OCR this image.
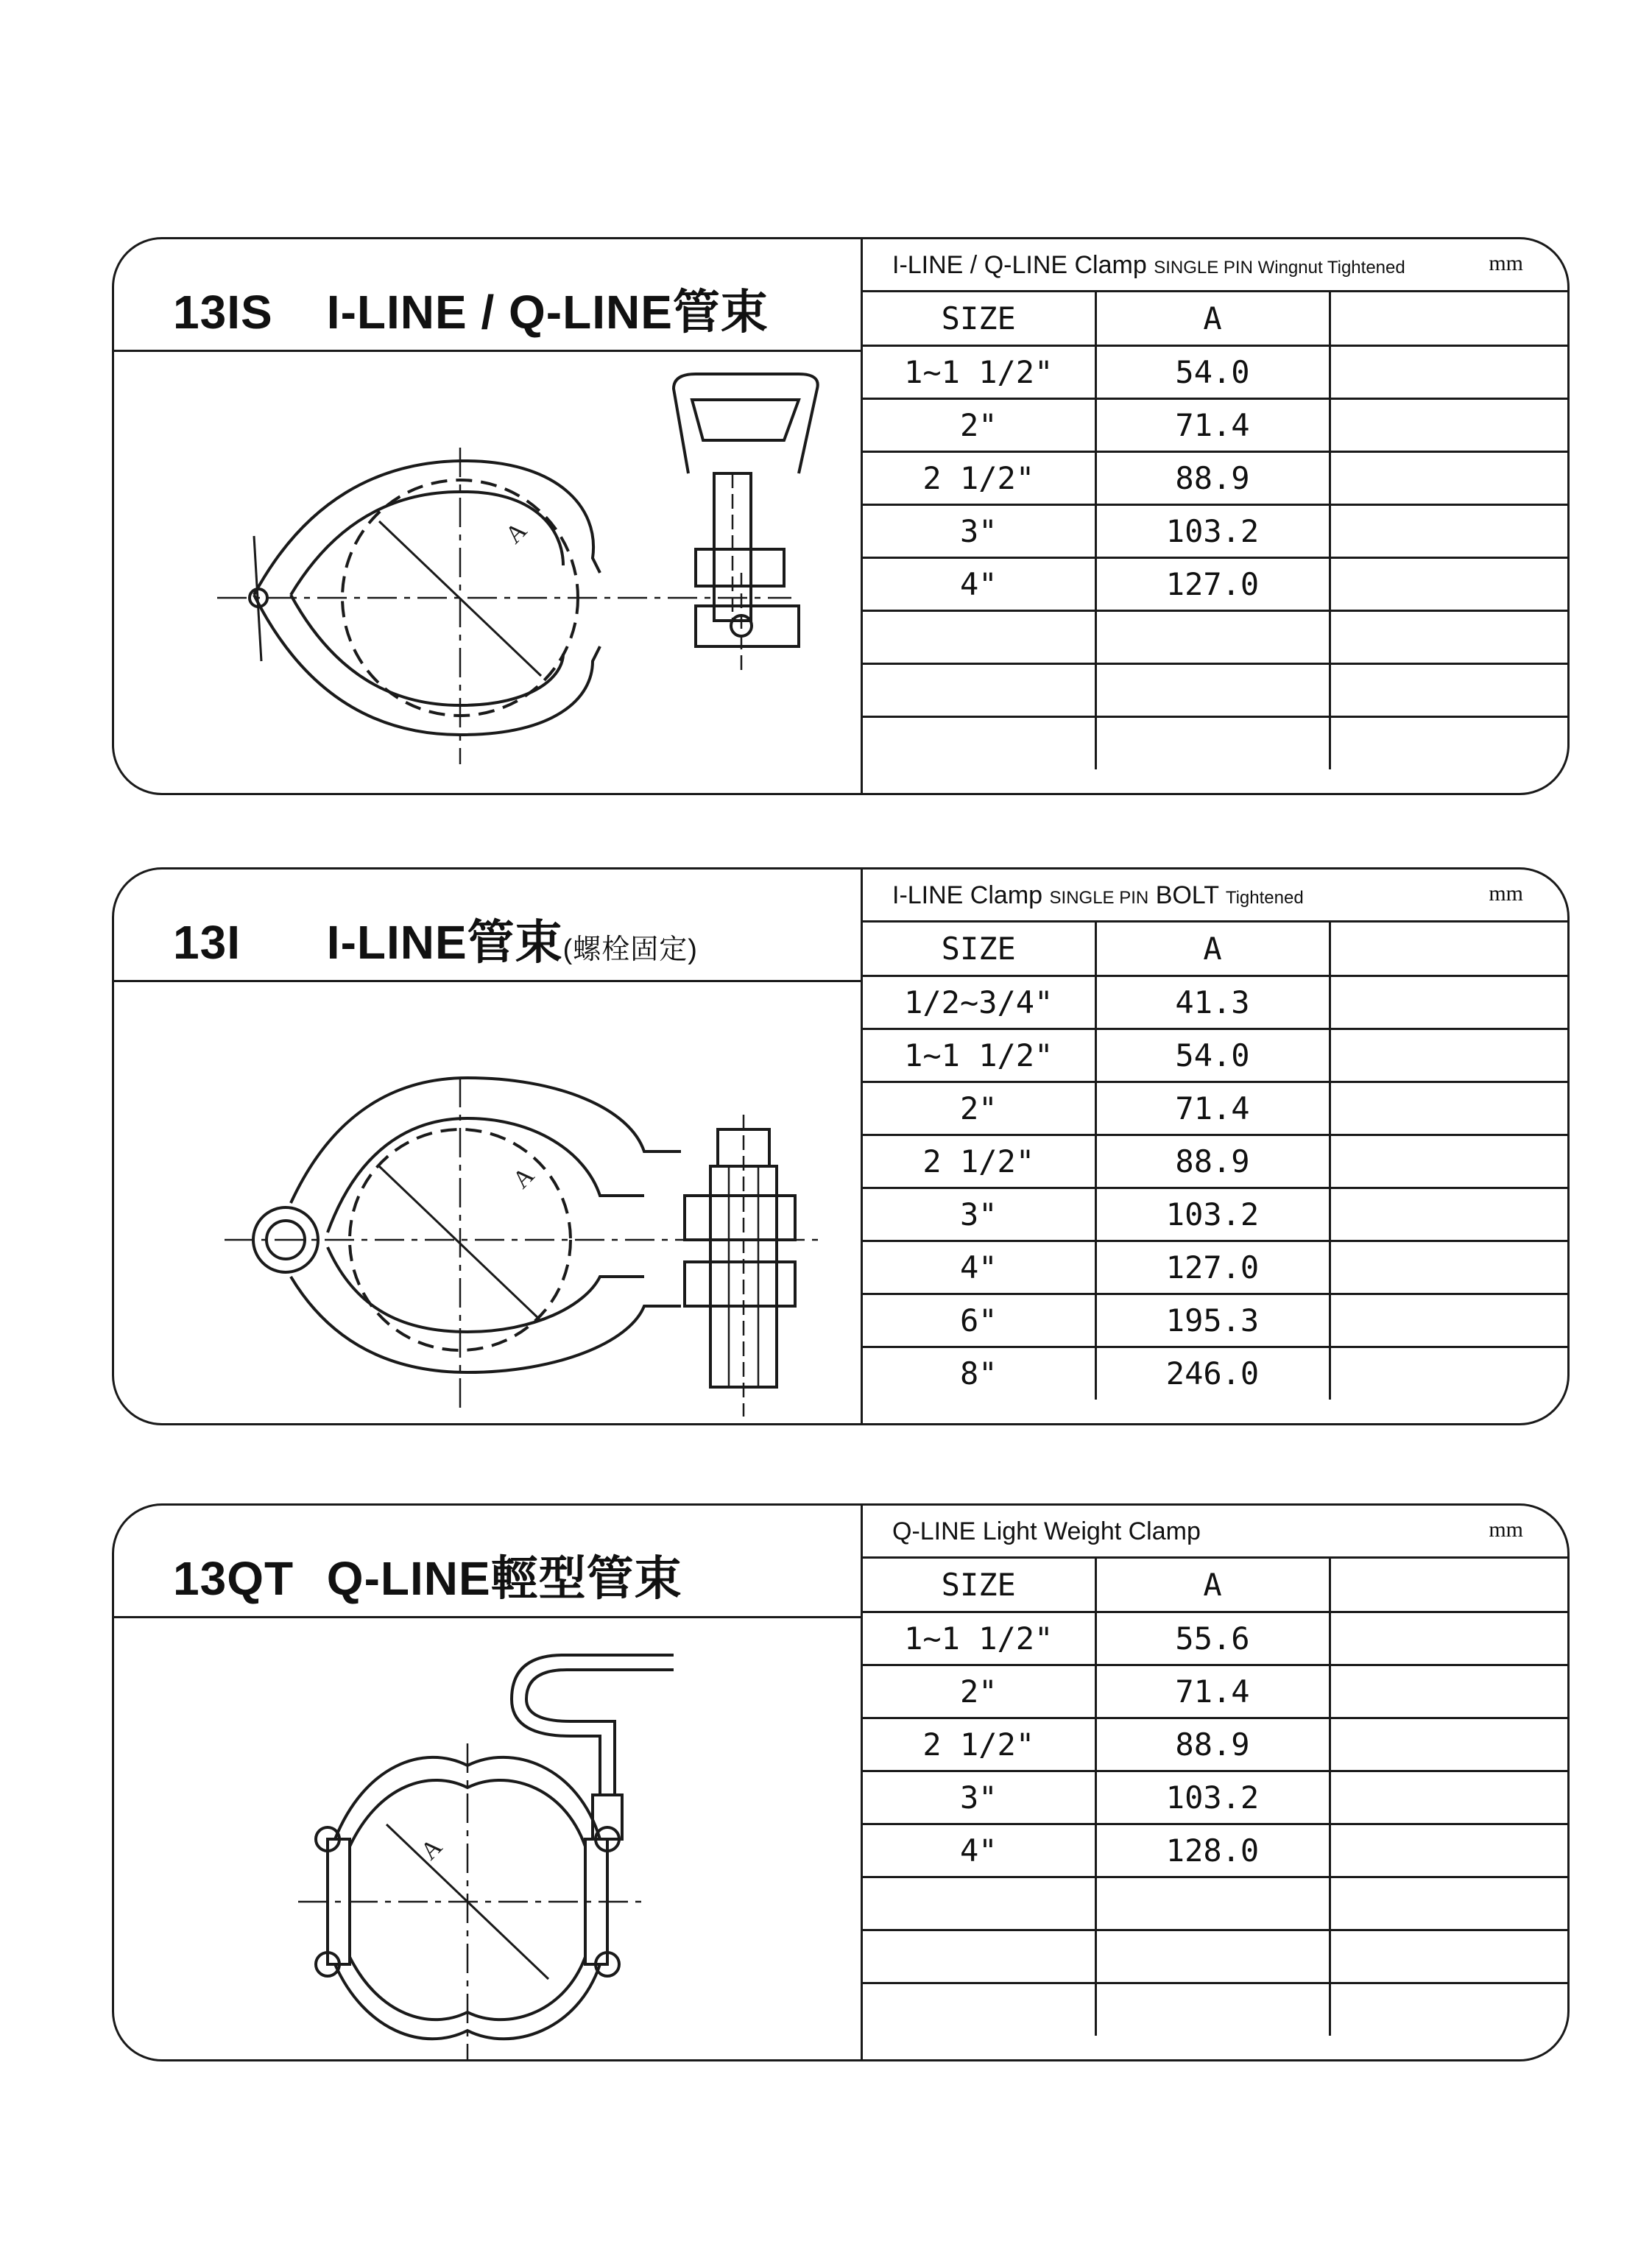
13IS I-LINE / Q-LINE管束
A
I-LINE / Q-LINE Clamp SINGLE PIN Wingnut Tightened	mm
SIZE	A	
1~1 1/2"	54.0	
2"	71.4	
2 1/2"	88.9	
3"	103.2	
4"	127.0	

13I I-LINE管束(螺栓固定)
A
I-LINE Clamp SINGLE PIN BOLT Tightened	mm
SIZE	A	
1/2~3/4"	41.3	
1~1 1/2"	54.0	
2"	71.4	
2 1/2"	88.9	
3"	103.2	
4"	127.0	
6"	195.3	
8"	246.0	
13QT Q-LINE輕型管束
A
Q-LINE Light Weight Clamp	mm
SIZE	A	
1~1 1/2"	55.6	
2"	71.4	
2 1/2"	88.9	
3"	103.2	
4"	128.0	
